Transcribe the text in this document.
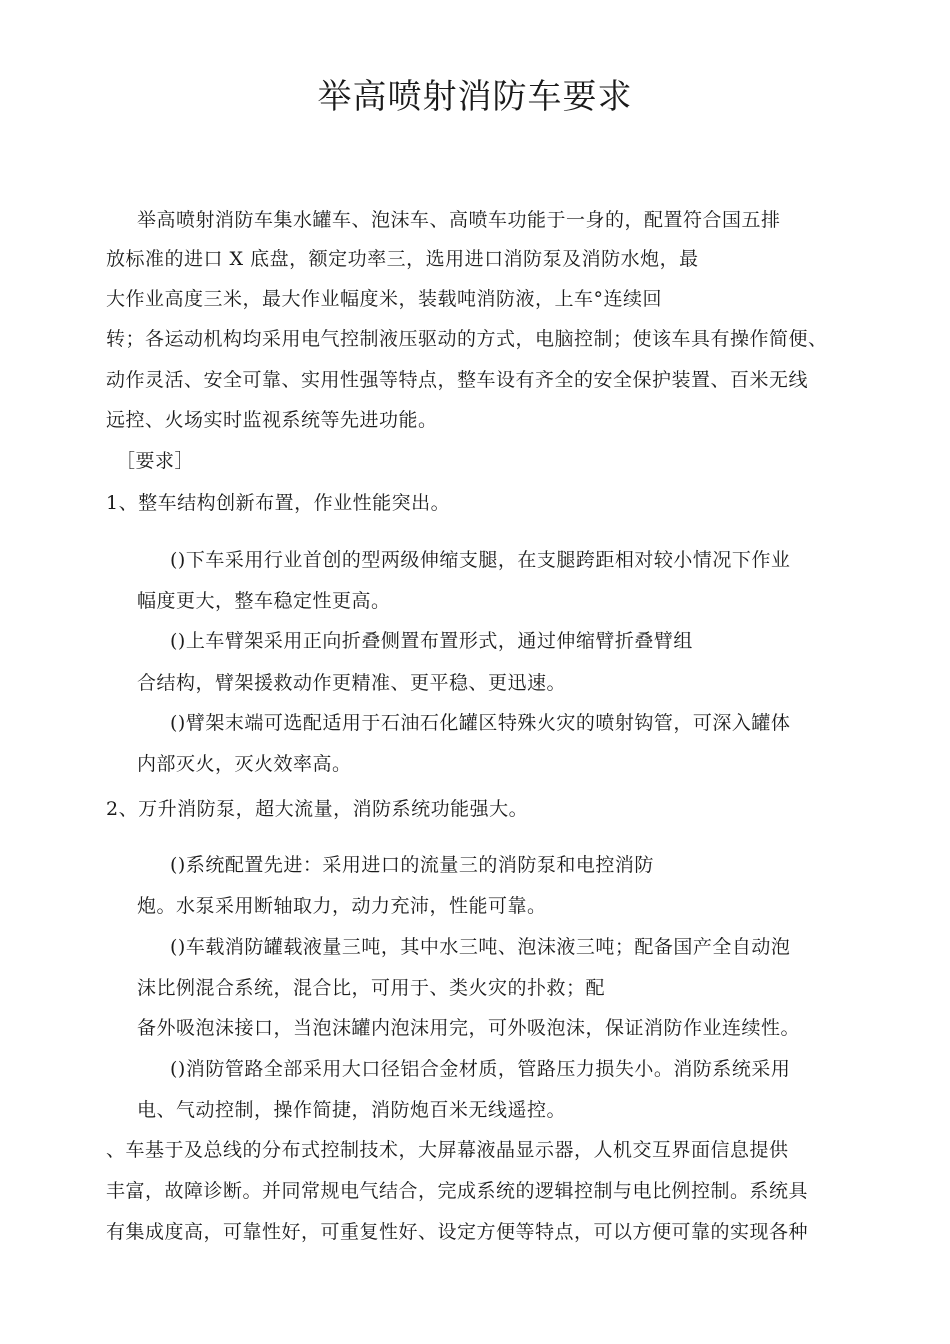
举高喷射消防车要求
举高喷射消防车集水罐车、泡沫车、高喷车功能于一身的，配置符合国五排
放标准的进口 X 底盘，额定功率三，选用进口消防泵及消防水炮，最
大作业高度三米，最大作业幅度米，装载吨消防液，上车°连续回
转；各运动机构均采用电气控制液压驱动的方式，电脑控制；使该车具有操作简便、
动作灵活、安全可靠、实用性强等特点，整车设有齐全的安全保护装置、百米无线
远控、火场实时监视系统等先进功能。
［要求］
1、整车结构创新布置，作业性能突出。
()下车采用行业首创的型两级伸缩支腿，在支腿跨距相对较小情况下作业
幅度更大，整车稳定性更高。
()上车臂架采用正向折叠侧置布置形式，通过伸缩臂折叠臂组
合结构，臂架援救动作更精准、更平稳、更迅速。
()臂架末端可选配适用于石油石化罐区特殊火灾的喷射钩管，可深入罐体
内部灭火，灭火效率高。
2、万升消防泵，超大流量，消防系统功能强大。
()系统配置先进：采用进口的流量三的消防泵和电控消防
炮。水泵采用断轴取力，动力充沛，性能可靠。
()车载消防罐载液量三吨，其中水三吨、泡沫液三吨；配备国产全自动泡
沫比例混合系统，混合比，可用于、类火灾的扑救；配
备外吸泡沫接口，当泡沫罐内泡沫用完，可外吸泡沫，保证消防作业连续性。
()消防管路全部采用大口径铝合金材质，管路压力损失小。消防系统采用
电、气动控制，操作简捷，消防炮百米无线遥控。
、车基于及总线的分布式控制技术，大屏幕液晶显示器，人机交互界面信息提供
丰富，故障诊断。并同常规电气结合，完成系统的逻辑控制与电比例控制。系统具
有集成度高，可靠性好，可重复性好、设定方便等特点，可以方便可靠的实现各种
